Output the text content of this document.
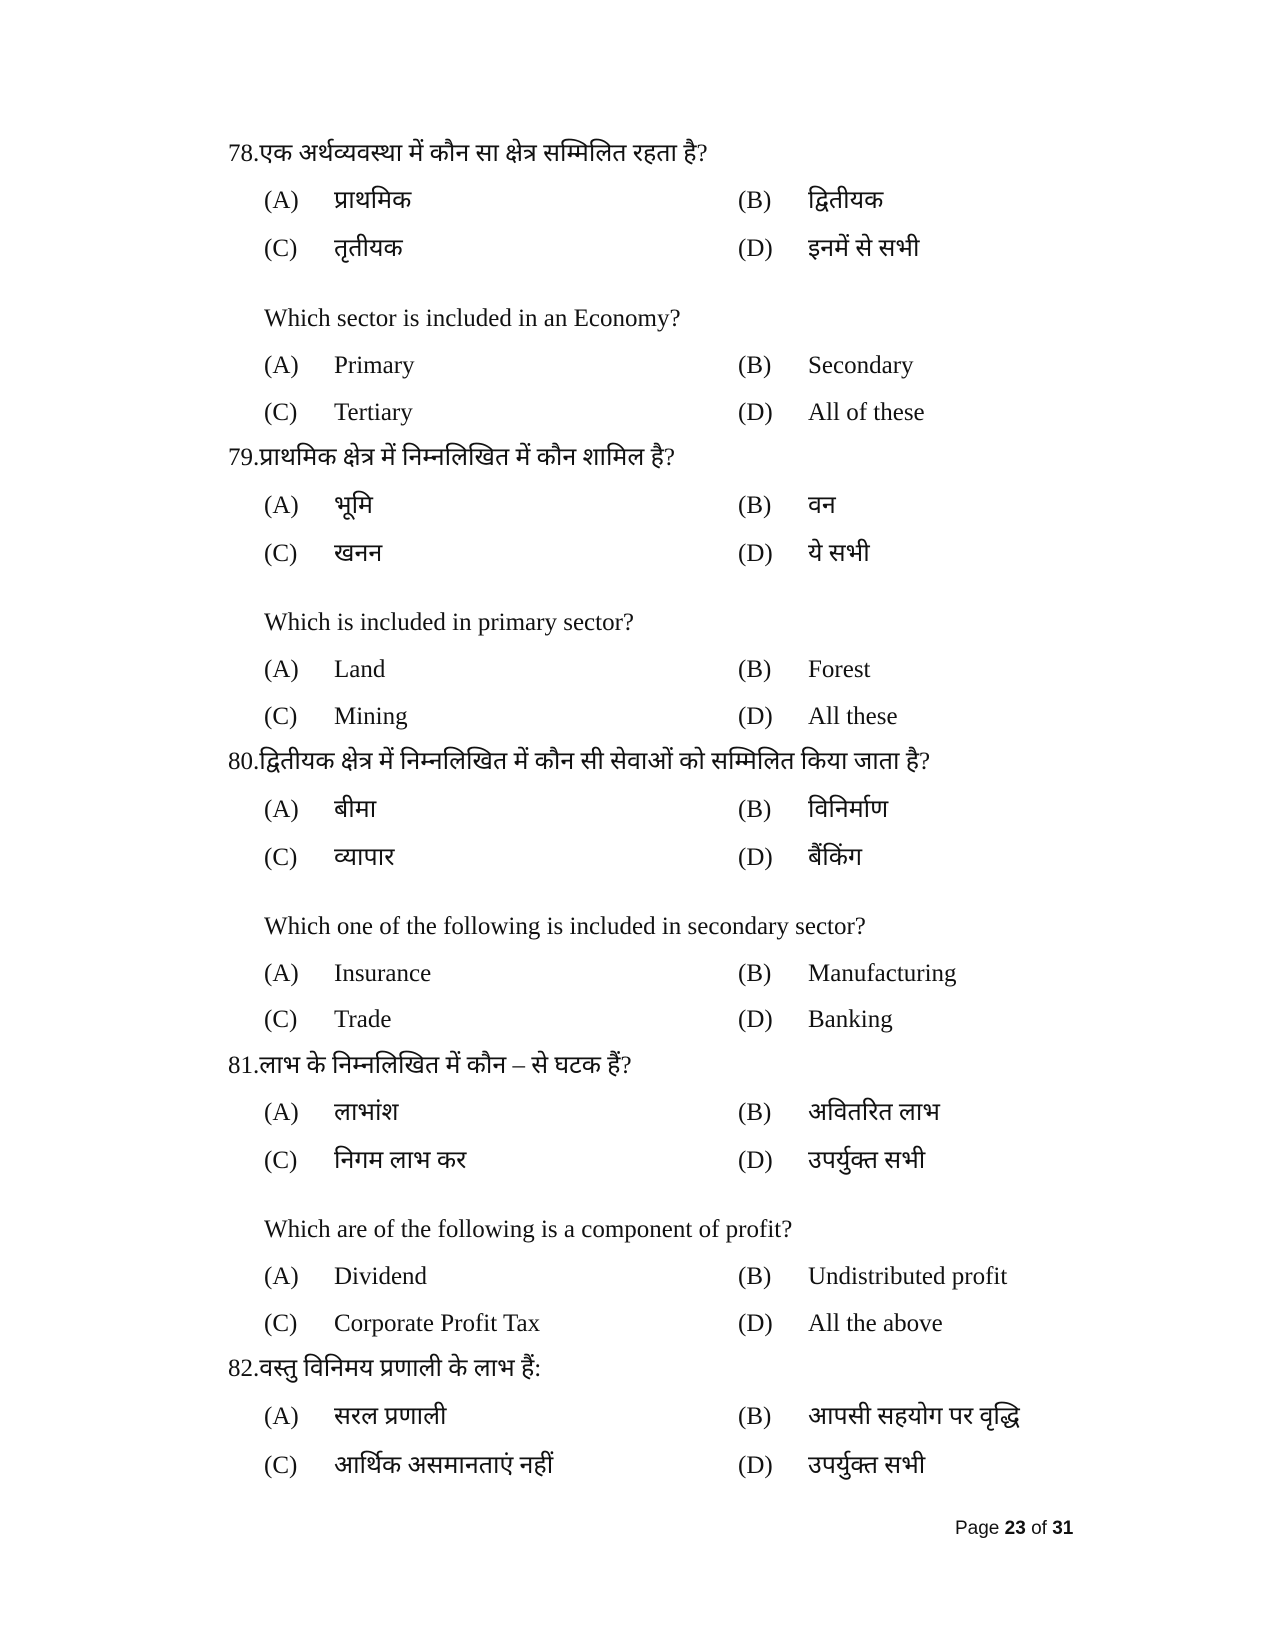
78.एक अर्थव्यवस्था में कौन सा क्षेत्र सम्मिलित रहता है?
(A) प्राथमिक	(B) द्वितीयक
(C) तृतीयक	(D) इनमें से सभी
Which sector is included in an Economy?
(A) Primary	(B) Secondary
(C) Tertiary	(D) All of these
79.प्राथमिक क्षेत्र में निम्नलिखित में कौन शामिल है?
(A) भूमि	(B) वन
(C) खनन	(D) ये सभी
Which is included in primary sector?
(A) Land	(B) Forest
(C) Mining	(D) All these
80.द्वितीयक क्षेत्र में निम्नलिखित में कौन सी सेवाओं को सम्मिलित किया जाता है?
(A) बीमा	(B) विनिर्माण
(C) व्यापार	(D) बैंकिंग
Which one of the following is included in secondary sector?
(A) Insurance	(B) Manufacturing
(C) Trade	(D) Banking
81.लाभ के निम्नलिखित में कौन – से घटक हैं?
(A) लाभांश	(B) अवितरित लाभ
(C) निगम लाभ कर	(D) उपर्युक्त सभी
Which are of the following is a component of profit?
(A) Dividend	(B) Undistributed profit
(C) Corporate Profit Tax	(D) All the above
82.वस्तु विनिमय प्रणाली के लाभ हैं:
(A) सरल प्रणाली	(B) आपसी सहयोग पर वृद्धि
(C) आर्थिक असमानताएं नहीं	(D) उपर्युक्त सभी
Page 23 of 31
